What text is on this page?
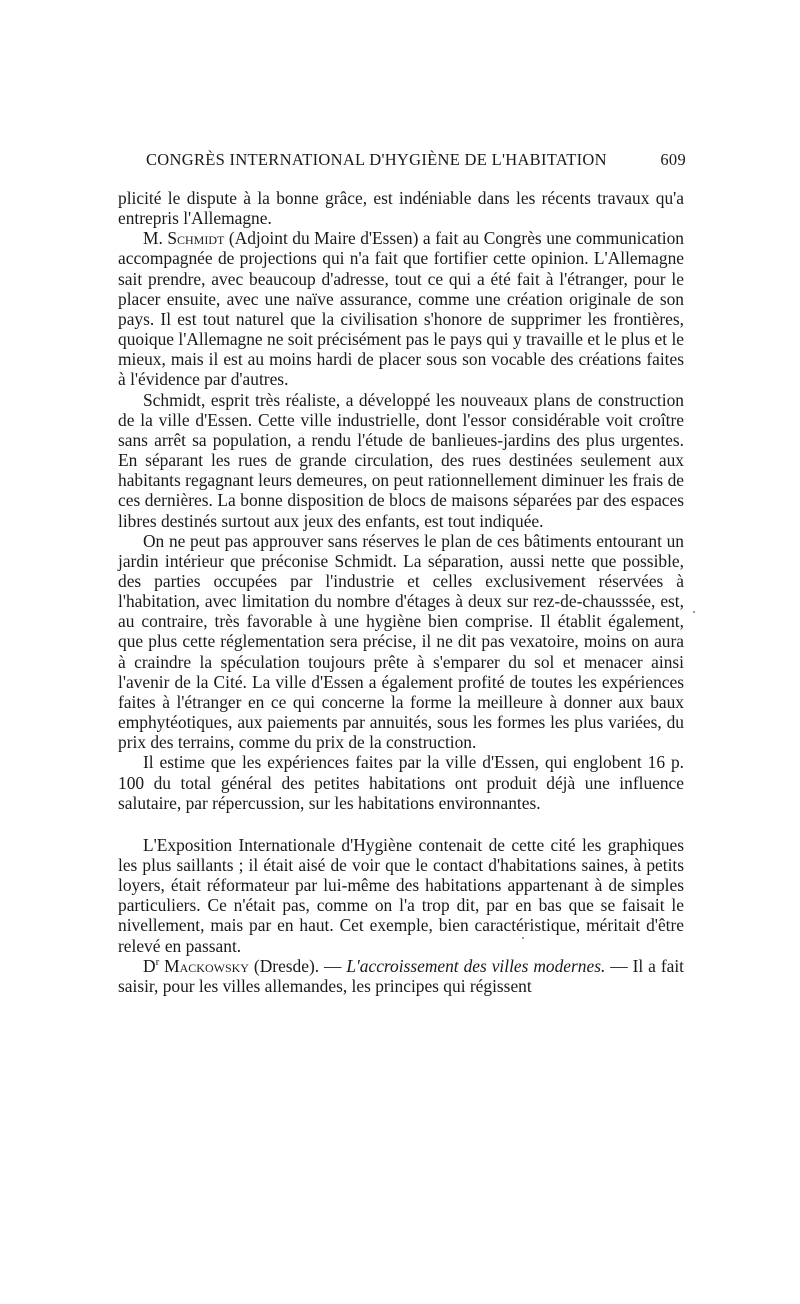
CONGRÈS INTERNATIONAL D'HYGIÈNE DE L'HABITATION	609

plicité le dispute à la bonne grâce, est indéniable dans les récents travaux qu'a entrepris l'Allemagne.

M. Schmidt (Adjoint du Maire d'Essen) a fait au Congrès une communication accompagnée de projections qui n'a fait que fortifier cette opinion. L'Allemagne sait prendre, avec beaucoup d'adresse, tout ce qui a été fait à l'étranger, pour le placer ensuite, avec une naïve assurance, comme une création originale de son pays. Il est tout naturel que la civilisation s'honore de supprimer les frontières, quoique l'Allemagne ne soit précisément pas le pays qui y travaille et le plus et le mieux, mais il est au moins hardi de placer sous son vocable des créations faites à l'évidence par d'autres.

Schmidt, esprit très réaliste, a développé les nouveaux plans de construction de la ville d'Essen. Cette ville industrielle, dont l'essor considérable voit croître sans arrêt sa population, a rendu l'étude de banlieues-jardins des plus urgentes. En séparant les rues de grande circulation, des rues destinées seulement aux habitants regagnant leurs demeures, on peut rationnellement diminuer les frais de ces dernières. La bonne disposition de blocs de maisons séparées par des espaces libres destinés surtout aux jeux des enfants, est tout indiquée.

On ne peut pas approuver sans réserves le plan de ces bâtiments entourant un jardin intérieur que préconise Schmidt. La séparation, aussi nette que possible, des parties occupées par l'industrie et celles exclusivement réservées à l'habitation, avec limitation du nombre d'étages à deux sur rez-de-chausssée, est, au contraire, très favorable à une hygiène bien comprise. Il établit également, que plus cette réglementation sera précise, il ne dit pas vexatoire, moins on aura à craindre la spéculation toujours prête à s'emparer du sol et menacer ainsi l'avenir de la Cité. La ville d'Essen a également profité de toutes les expériences faites à l'étranger en ce qui concerne la forme la meilleure à donner aux baux emphytéotiques, aux paiements par annuités, sous les formes les plus variées, du prix des terrains, comme du prix de la construction.

Il estime que les expériences faites par la ville d'Essen, qui englobent 16 p. 100 du total général des petites habitations ont produit déjà une influence salutaire, par répercussion, sur les habitations environnantes.

L'Exposition Internationale d'Hygiène contenait de cette cité les graphiques les plus saillants ; il était aisé de voir que le contact d'habitations saines, à petits loyers, était réformateur par lui-même des habitations appartenant à de simples particuliers. Ce n'était pas, comme on l'a trop dit, par en bas que se faisait le nivellement, mais par en haut. Cet exemple, bien caractéristique, méritait d'être relevé en passant.

$D^r$ Mackowsky (Dresde). — L'accroissement des villes modernes. — Il a fait saisir, pour les villes allemandes, les principes qui régissent
